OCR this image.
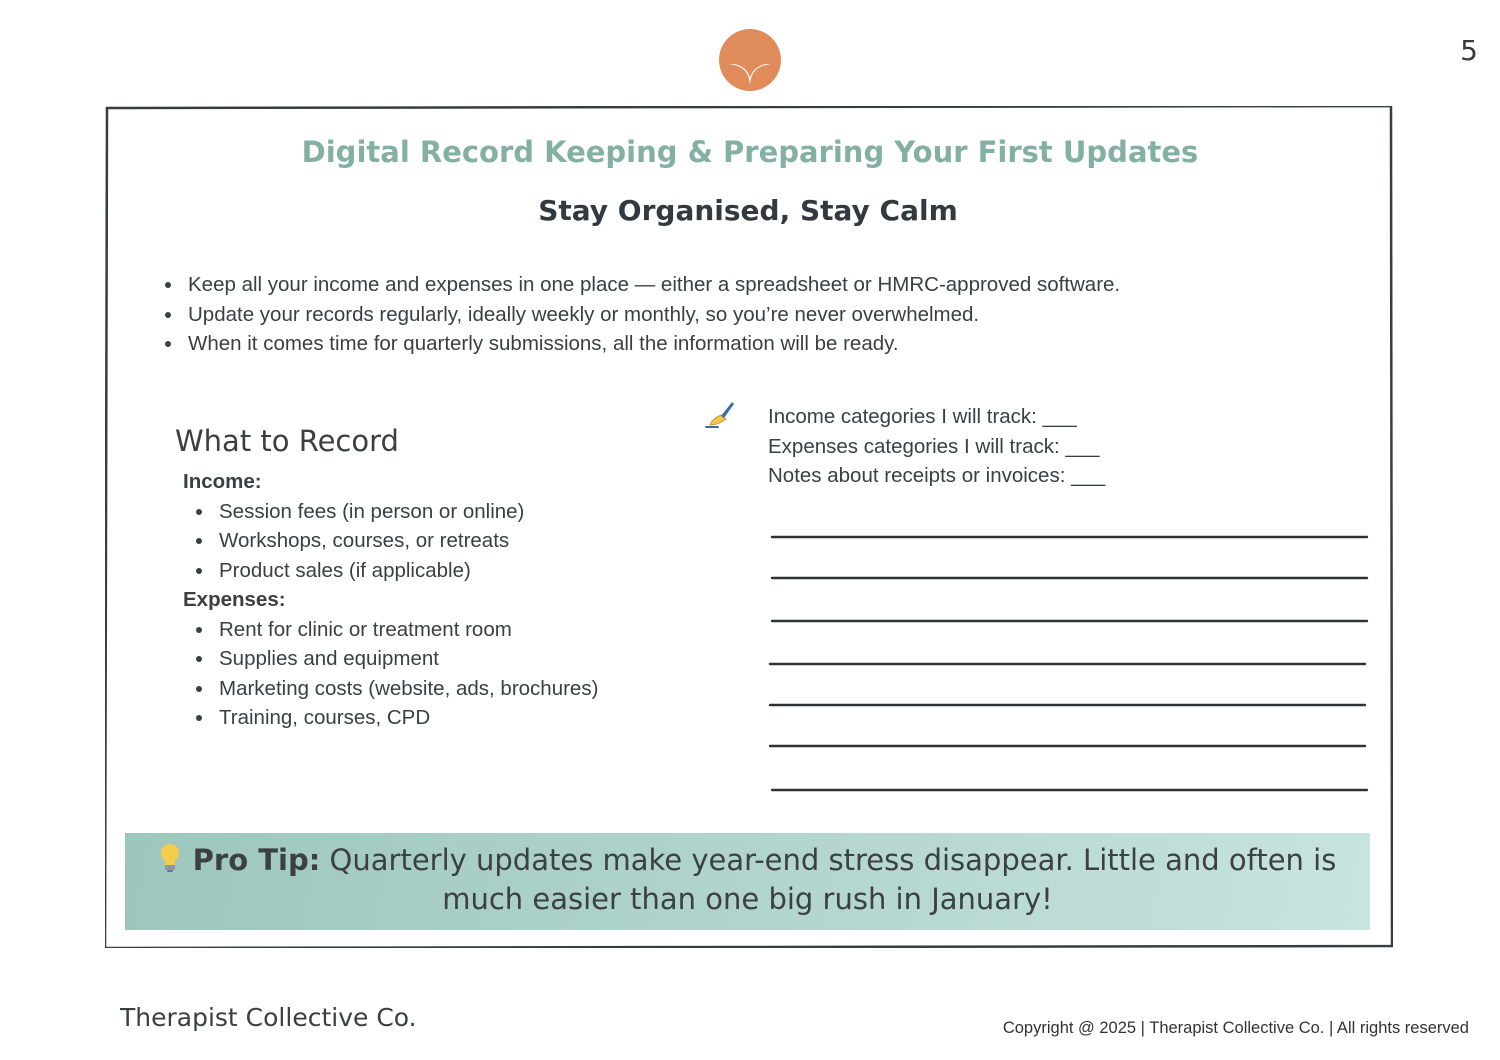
5
Digital Record Keeping & Preparing Your First Updates
Stay Organised, Stay Calm
Keep all your income and expenses in one place — either a spreadsheet or HMRC-approved software.
Update your records regularly, ideally weekly or monthly, so you’re never overwhelmed.
When it comes time for quarterly submissions, all the information will be ready.
What to Record
Income:
Session fees (in person or online)
Workshops, courses, or retreats
Product sales (if applicable)
Expenses:
Rent for clinic or treatment room
Supplies and equipment
Marketing costs (website, ads, brochures)
Training, courses, CPD
Income categories I will track: ___
Expenses categories I will track: ___
Notes about receipts or invoices: ___
Pro Tip: Quarterly updates make year-end stress disappear. Little and often is
much easier than one big rush in January!
Therapist Collective Co.	Copyright @ 2025 | Therapist Collective Co. | All rights reserved
